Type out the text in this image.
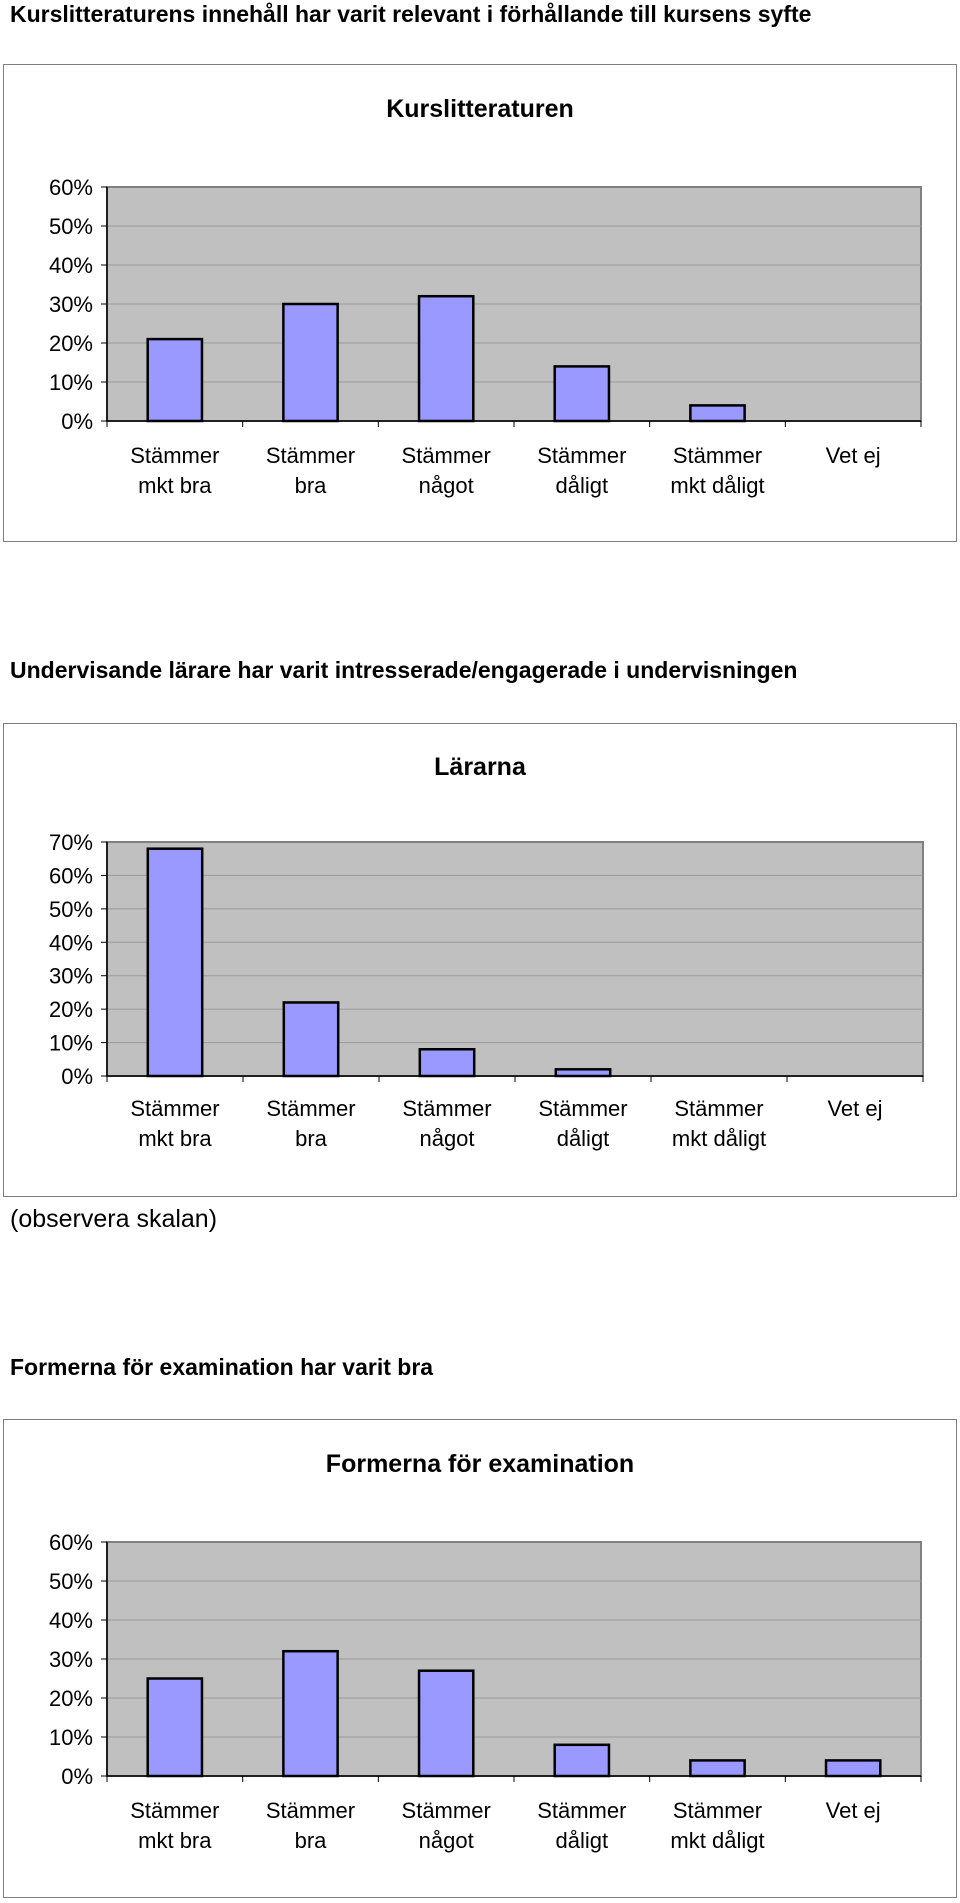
Kurslitteraturens innehåll har varit relevant i förhållande till kursens syfte
Kurslitteraturen
0%
10%
20%
30%
40%
50%
60%
Stämmer
mkt bra
Stämmer
bra
Stämmer
något
Stämmer
dåligt
Stämmer
mkt dåligt
Vet ej
Undervisande lärare har varit intresserade/engagerade i undervisningen
Lärarna
0%
10%
20%
30%
40%
50%
60%
70%
Stämmer
mkt bra
Stämmer
bra
Stämmer
något
Stämmer
dåligt
Stämmer
mkt dåligt
Vet ej
(observera skalan)
Formerna för examination har varit bra
Formerna för examination
0%
10%
20%
30%
40%
50%
60%
Stämmer
mkt bra
Stämmer
bra
Stämmer
något
Stämmer
dåligt
Stämmer
mkt dåligt
Vet ej
